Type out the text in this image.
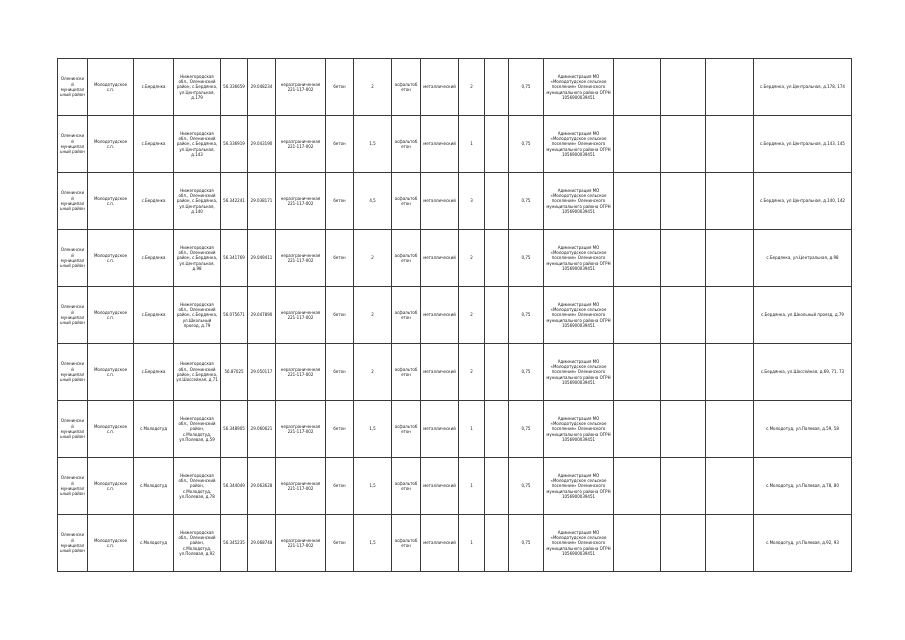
Оленинский муниципальный район	Молодотудское с.п.	с.Бердянка	Нижегородская обл., Оленинский район, с.Бердянка, ул.Центральная, д.179	56.336659	29.048234	неразграниченная 221-117-002	бетон	2	асфальтобетон	металлический	2		0,75	Администрация МО «Молодотудское сельское поселение» Оленинского муниципального района ОГРН 1056900039451				с.Бердянка, ул.Центральная, д.178, 174
Оленинский муниципальный район	Молодотудское с.п.	с.Бердянка	Нижегородская обл., Оленинский район, с.Бердянка, ул.Центральная, д.143	56.336919	29.043190	неразграниченная 221-117-002	бетон	1,5	асфальтобетон	металлический	1		0,75	Администрация МО «Молодотудское сельское поселение» Оленинского муниципального района ОГРН 1056900039451				с.Бердянка, ул.Центральная, д.143, 145
Оленинский муниципальный район	Молодотудское с.п.	с.Бердянка	Нижегородская обл., Оленинский район, с.Бердянка, ул.Центральная, д.140	56.342241	29.038171	неразграниченная 221-117-002	бетон	4,5	асфальтобетон	металлический	3		0,75	Администрация МО «Молодотудское сельское поселение» Оленинского муниципального района ОГРН 1056900039451				с.Бердянка, ул.Центральная, д.140, 142
Оленинский муниципальный район	Молодотудское с.п.	с.Бердянка	Нижегородская обл., Оленинский район, с.Бердянка, ул.Центральная, д.98	56.341769	29.049411	неразграниченная 221-117-002	бетон	2	асфальтобетон	металлический	2		0,75	Администрация МО «Молодотудское сельское поселение» Оленинского муниципального района ОГРН 1056900039451				с.Бердянка, ул.Центральная, д.98
Оленинский муниципальный район	Молодотудское с.п.	с.Бердянка	Нижегородская обл., Оленинский район, с.Бердянка, ул.Школьный проезд, д.79	56.075671	29.047890	неразграниченная 221-117-002	бетон	2	асфальтобетон	металлический	2		0,75	Администрация МО «Молодотудское сельское поселение» Оленинского муниципального района ОГРН 1056900039451				с.Бердянка, ул.Школьный проезд, д.79
Оленинский муниципальный район	Молодотудское с.п.	с.Бердянка	Нижегородская обл., Оленинский район, с.Бердянка, ул.Шоссейная, д.71	56.87025	29.050117	неразграниченная 221-117-002	бетон	2	асфальтобетон	металлический	2		0,75	Администрация МО «Молодотудское сельское поселение» Оленинского муниципального района ОГРН 1056900039451				с.Бердянка, ул.Шоссейная, д.69, 71, 73
Оленинский муниципальный район	Молодотудское с.п.	с.Молодотуд	Нижегородская обл., Оленинский район, с.Молодотуд, ул.Полевая, д.59	56.348905	29.060621	неразграниченная 221-117-002	бетон	1,5	асфальтобетон	металлический	1		0,75	Администрация МО «Молодотудское сельское поселение» Оленинского муниципального района ОГРН 1056900039451				с.Молодотуд, ул.Полевая, д.59, 58
Оленинский муниципальный район	Молодотудское с.п.	с.Молодотуд	Нижегородская обл., Оленинский район, с.Молодотуд, ул.Полевая, д.78	56.344049	29.063628	неразграниченная 221-117-002	бетон	1,5	асфальтобетон	металлический	1		0,75	Администрация МО «Молодотудское сельское поселение» Оленинского муниципального района ОГРН 1056900039451				с.Молодотуд, ул.Полевая, д.78, 80
Оленинский муниципальный район	Молодотудское с.п.	с.Молодотуд	Нижегородская обл., Оленинский район, с.Молодотуд, ул.Полевая, д.92	56.345235	29.068748	неразграниченная 221-117-002	бетон	1,5	асфальтобетон	металлический	1		0,75	Администрация МО «Молодотудское сельское поселение» Оленинского муниципального района ОГРН 1056900039451				с.Молодотуд, ул.Полевая, д.92, 93
